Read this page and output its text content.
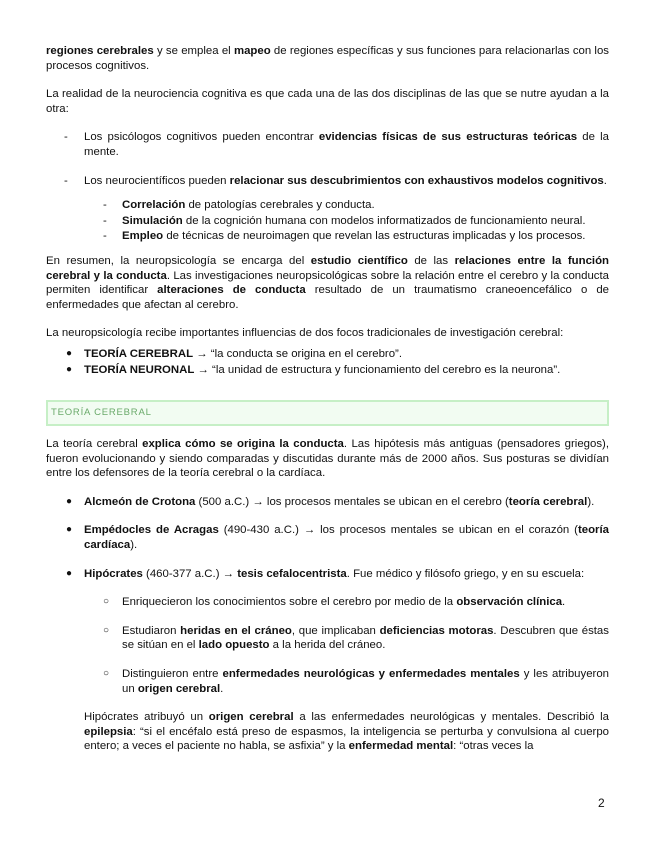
regiones cerebrales y se emplea el mapeo de regiones específicas y sus funciones para relacionarlas con los procesos cognitivos.

La realidad de la neurociencia cognitiva es que cada una de las dos disciplinas de las que se nutre ayudan a la otra:

- Los psicólogos cognitivos pueden encontrar evidencias físicas de sus estructuras teóricas de la mente.
- Los neurocientíficos pueden relacionar sus descubrimientos con exhaustivos modelos cognitivos.
- Correlación de patologías cerebrales y conducta.
- Simulación de la cognición humana con modelos informatizados de funcionamiento neural.
- Empleo de técnicas de neuroimagen que revelan las estructuras implicadas y los procesos.

En resumen, la neuropsicología se encarga del estudio científico de las relaciones entre la función cerebral y la conducta. Las investigaciones neuropsicológicas sobre la relación entre el cerebro y la conducta permiten identificar alteraciones de conducta resultado de un traumatismo craneoencefálico o de enfermedades que afectan al cerebro.

La neuropsicología recibe importantes influencias de dos focos tradicionales de investigación cerebral:

● TEORÍA CEREBRAL → “la conducta se origina en el cerebro”.
● TEORÍA NEURONAL → “la unidad de estructura y funcionamiento del cerebro es la neurona”.
TEORÍA CEREBRAL

La teoría cerebral explica cómo se origina la conducta. Las hipótesis más antiguas (pensadores griegos), fueron evolucionando y siendo comparadas y discutidas durante más de 2000 años. Sus posturas se dividían entre los defensores de la teoría cerebral o la cardíaca.

● Alcmeón de Crotona (500 a.C.) → los procesos mentales se ubican en el cerebro (teoría cerebral).
● Empédocles de Acragas (490-430 a.C.) → los procesos mentales se ubican en el corazón (teoría cardíaca).
● Hipócrates (460-377 a.C.) → tesis cefalocentrista. Fue médico y filósofo griego, y en su escuela:
○ Enriquecieron los conocimientos sobre el cerebro por medio de la observación clínica.
○ Estudiaron heridas en el cráneo, que implicaban deficiencias motoras. Descubren que éstas se sitúan en el lado opuesto a la herida del cráneo.
○ Distinguieron entre enfermedades neurológicas y enfermedades mentales y les atribuyeron un origen cerebral.
Hipócrates atribuyó un origen cerebral a las enfermedades neurológicas y mentales. Describió la epilepsia: “si el encéfalo está preso de espasmos, la inteligencia se perturba y convulsiona al cuerpo entero; a veces el paciente no habla, se asfixia” y la enfermedad mental: “otras veces la
2
